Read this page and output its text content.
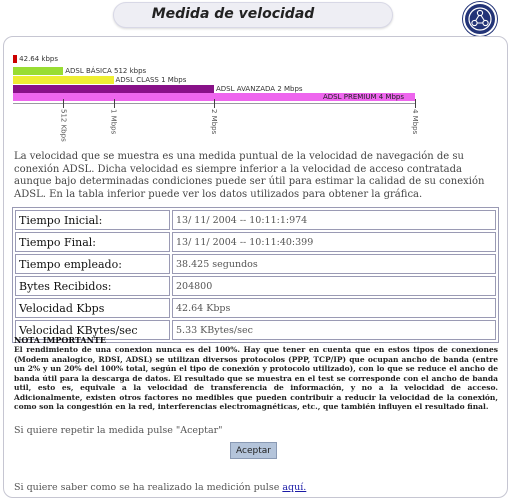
Medida de velocidad
42.64 kbps
ADSL BÁSICA 512 kbps
ADSL CLASS 1 Mbps
ADSL AVANZADA 2 Mbps
ADSL PREMIUM 4 Mbps
512 Kbps	1 Mbps	2 Mbps	4 Mbps

La velocidad que se muestra es una medida puntual de la velocidad de navegación de su conexión ADSL. Dicha velocidad es siempre inferior a la velocidad de acceso contratada aunque bajo determinadas condiciones puede ser útil para estimar la calidad de su conexión ADSL. En la tabla inferior puede ver los datos utilizados para obtener la gráfica.

Tiempo Inicial:	13/ 11/ 2004 -- 10:11:1:974
Tiempo Final:	13/ 11/ 2004 -- 10:11:40:399
Tiempo empleado:	38.425 segundos
Bytes Recibidos:	204800
Velocidad Kbps	42.64 Kbps
Velocidad KBytes/sec	5.33 KBytes/sec
NOTA IMPORTANTE

El rendimiento de una conexion nunca es del 100%. Hay que tener en cuenta que en estos tipos de conexiones (Modem analogico, RDSI, ADSL) se utilizan diversos protocolos (PPP, TCP/IP) que ocupan ancho de banda (entre un 2% y un 20% del 100% total, según el tipo de conexión y protocolo utilizado), con lo que se reduce el ancho de banda útil para la descarga de datos. El resultado que se muestra en el test se corresponde con el ancho de banda util, esto es, equivale a la velocidad de transferencia de información, y no a la velocidad de acceso. Adicionalmente, existen otros factores no medibles que pueden contribuir a reducir la velocidad de la conexión, como son la congestión en la red, interferencias electromagnéticas, etc., que también influyen el resultado final.

Si quiere repetir la medida pulse "Aceptar"

Aceptar

Si quiere saber como se ha realizado la medición pulse aquí.
